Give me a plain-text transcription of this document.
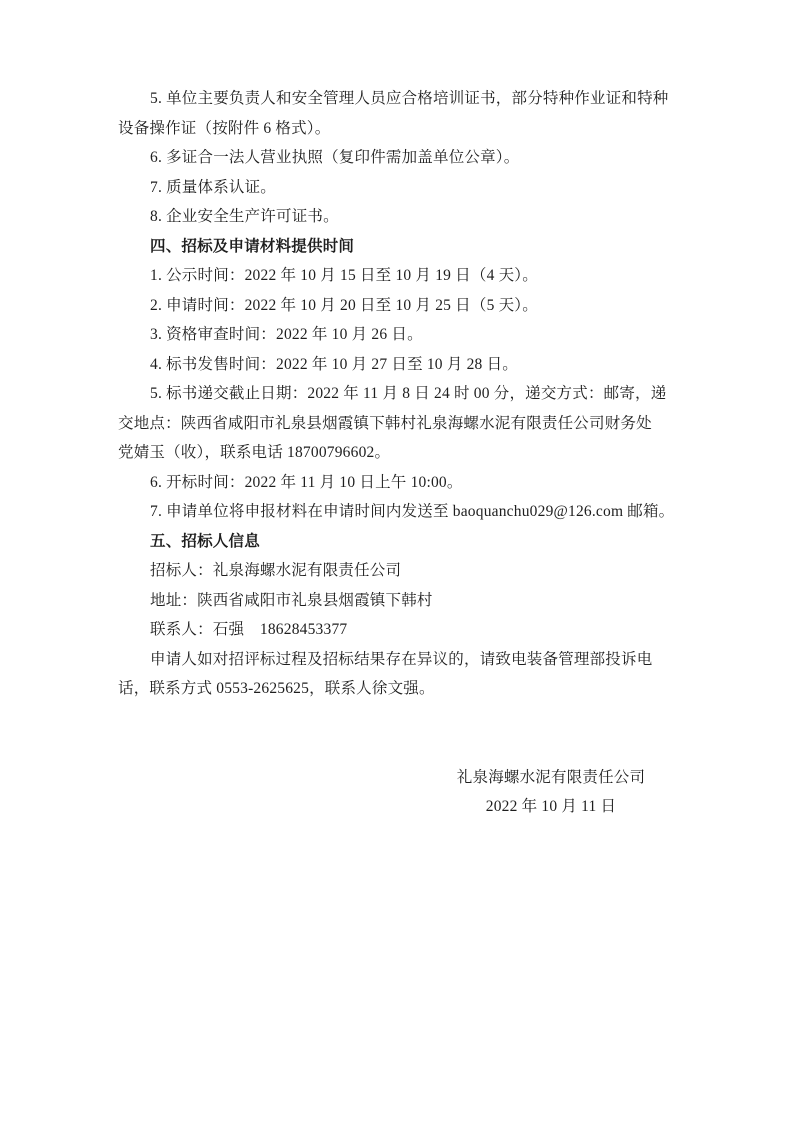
5. 单位主要负责人和安全管理人员应合格培训证书，部分特种作业证和特种
设备操作证（按附件 6 格式）。
6. 多证合一法人营业执照（复印件需加盖单位公章）。
7. 质量体系认证。
8. 企业安全生产许可证书。
四、招标及申请材料提供时间
1. 公示时间：2022 年 10 月 15 日至 10 月 19 日（4 天）。
2. 申请时间：2022 年 10 月 20 日至 10 月 25 日（5 天）。
3. 资格审查时间：2022 年 10 月 26 日。
4. 标书发售时间：2022 年 10 月 27 日至 10 月 28 日。
5. 标书递交截止日期：2022 年 11 月 8 日 24 时 00 分，递交方式：邮寄，递
交地点：陕西省咸阳市礼泉县烟霞镇下韩村礼泉海螺水泥有限责任公司财务处
党婧玉（收），联系电话 18700796602。
6. 开标时间：2022 年 11 月 10 日上午 10:00。
7. 申请单位将申报材料在申请时间内发送至 baoquanchu029@126.com 邮箱。
五、招标人信息
招标人：礼泉海螺水泥有限责任公司
地址：陕西省咸阳市礼泉县烟霞镇下韩村
联系人：石强　18628453377
申请人如对招评标过程及招标结果存在异议的，请致电装备管理部投诉电
话，联系方式 0553-2625625，联系人徐文强。
礼泉海螺水泥有限责任公司
2022 年 10 月 11 日
